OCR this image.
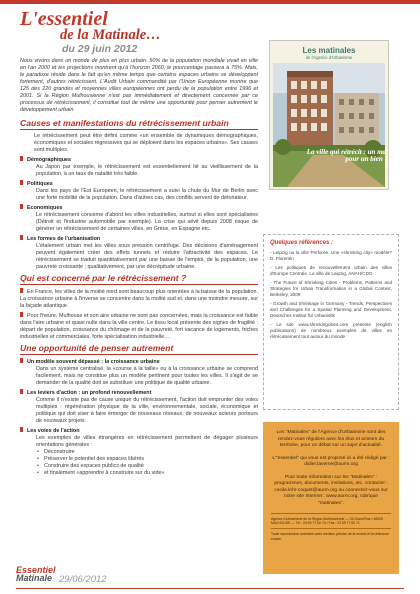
L'essentiel
de la Matinale…
du 29 juin 2012

Nous vivons dans un monde de plus en plus urbain. 50% de la population mondiale vivait en ville en l'an 2000 et les projections montrent qu'à l'horizon 2060, le pourcentage passera à 75%. Mais, le paradoxe réside dans le fait qu'en même temps que certains espaces urbains se développent fortement, d'autres rétrécissent. L'Audit Urbain commandité par l'Union Européenne montre que 125 des 220 grandes et moyennes villes européennes ont perdu de la population entre 1996 et 2001. Si la Région Mulhousienne n'est pas immédiatement et directement concernée par ce processus de rétrécissement, il constitue tout de même une opportunité pour penser autrement le développement urbain.

Causes et manifestations du rétrécissement urbain

Le rétrécissement peut être défini comme «un ensemble de dynamiques démographiques, économiques et sociales régressives qui se déploient dans les espaces urbains». Ses causes sont multiples.

Démographiques
Au Japon par exemple, le rétrécissement est essentiellement lié au vieillissement de la population, à un taux de natalité très faible.
Politiques
Dans les pays de l'Est Européen, le rétrécissement a suivi la chute du Mur de Berlin avec une forte mobilité de la population. Dans d'autres cas, des conflits servent de détonateur.
Economiques
Le rétrécissement concerne d'abord les villes industrielles, surtout si elles sont spécialisées (Détroit et l'industrie automobile par exemple). La crise qui sévit depuis 2008 risque de générer un rétrécissement de certaines villes, en Grèce, en Espagne etc.
Les formes de l'urbanisation
L'étalement urbain met les villes sous pression centrifuge. Des décisions d'aménagement peuvent également créer des effets tunnels et réduire l'attractivité des espaces. Le rétrécissement se traduit quantitativement par une baisse de l'emploi, de la population, une pauvreté croissante ; qualitativement, par une décrépitude urbaine.
Qui est concerné par le rétrécissement ?
En France, les villes de la moitié nord sont beaucoup plus orientées à la baisse de la population. La croissance urbaine à l'inverse se concentre dans la moitié sud et, dans une moindre mesure, sur la façade atlantique.
Pour l'heure, Mulhouse et son aire urbaine ne sont pas concernées, mais la croissance est faible dans l'aire urbaine et quasi nulle dans la ville centre. Le tissu local présente des signes de fragilité : départ de population, croissance du chômage et de la pauvreté, fort vacance de logements, friches industrielles et commerciales, forte spécialisation industrielle…
Une opportunité de penser autrement
Un modèle souvent dépassé : la croissance urbaine
Dans un système centralisé, la «course à la taille» ou à la croissance urbaine se comprend facilement, mais ne constitue plus un modèle pertinent pour toutes les villes. Il s'agit de se demander de la qualité doit se substituer une politique de qualité urbaine.
Les leviers d'action : un profond renouvellement
Comme il n'existe pas de cause unique du rétrécissement, l'action doit emprunter des voies multiples : régénération physique de la ville, environnementale, sociale, économique et politique qui doit viser à faire émerger de nouveaux réseaux, de nouveaux acteurs porteurs de nouveaux projets.
Les voies de l'action
Les exemples de villes étrangères en rétrécissement permettent de dégager plusieurs orientations générales :
• Déconstruire
• Préserver le potentiel des espaces libérés
• Construire des espaces publics de qualité
• et finalement «apprendre à construire sur du vide»
Les matinales
de l'Agence d'Urbanisme
La ville qui rétrécit : un mal pour un bien ?
Quelques références :

- Leipzig ou la ville Perforée. Une «shrinking city» modèle? D. Florentin

- Les politiques de renouvellement urbain des villes d'Europe Centrale. La ville de Leipzig, ANAH/CDO

- The Future of Shrinking Cities - Problems, Patterns and Strategies for Urban Transformation in a Global Context, Berkeley, 2009

- Growth and Shrinkage in Germany - Trends, Perspectives and Challenges for a Spatial Planning and Development, Deutsches Institut für Urbanistik

- Le site www.shrinkingcities.com présente (english publications) de nombreux exemples de villes en rétrécissement tout autour du monde

Les "Matinales" de l'Agence d'Urbanisme sont des rendez-vous réguliers avec les élus et acteurs du territoire, pour un débat sur un sujet d'actualité.

L'"essentiel" qui vous est proposé ici a été rédigé par : didier.laverne@aurm.org

Pour toute information sur les "Matinales" : programmes, documents, invitations, etc, contacter : cecile.lehr-coquet@aurm.org ou connectez-vous sur notre site Internet : www.aurm.org, rubrique "matinales".

Agence d'Urbanisme de la Région Mulhousienne — 33 Grand'Rue • 68100 MULHOUSE — Tél : 03 69 77 60 70 • Fax : 03 69 77 60 71

Toute reproduction autorisée avec mention précise de la source et la référence exacte.

Essentiel
Matinale 29/06/2012
